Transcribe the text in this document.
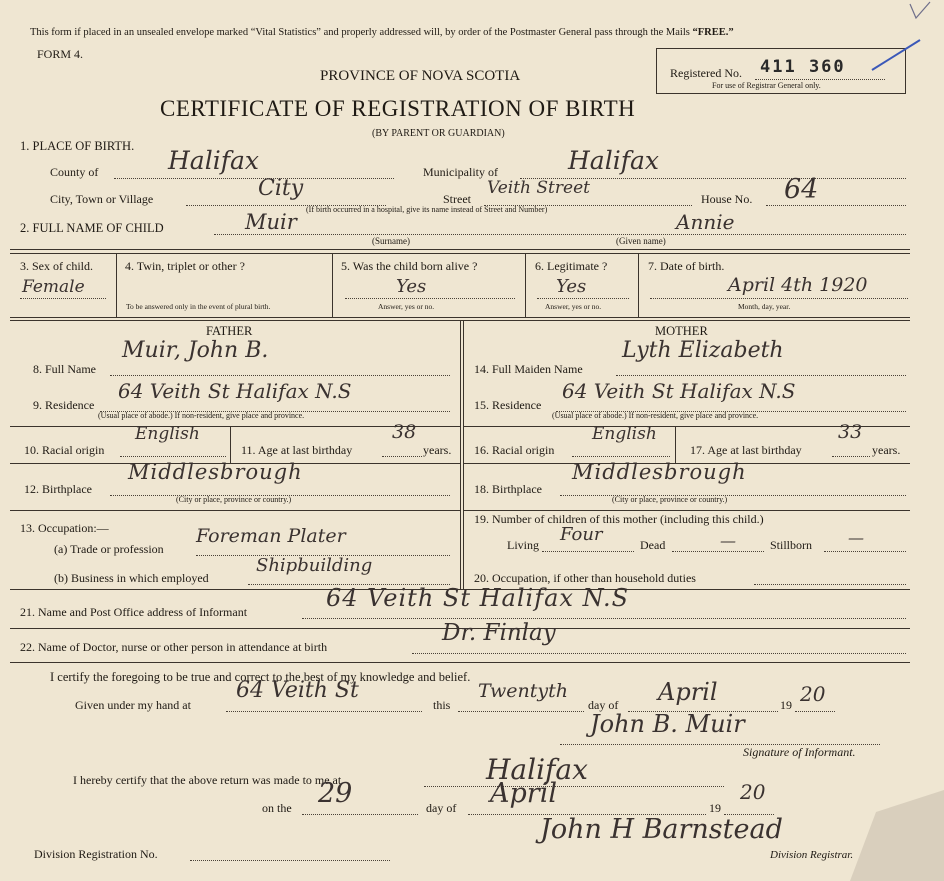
This form if placed in an unsealed envelope marked “Vital Statistics” and properly addressed will, by order of the Postmaster General pass through the Mails “FREE.”
FORM 4.
PROVINCE OF NOVA SCOTIA
CERTIFICATE OF REGISTRATION OF BIRTH
(BY PARENT OR GUARDIAN)
Registered No. 411 360
For use of Registrar General only.
1. PLACE OF BIRTH.
County of	Halifax	Municipality of	Halifax
City, Town or Village	City	Street
Veith Street
House No. 64
(If birth occurred in a hospital, give its name instead of Street and Number)
2. FULL NAME OF CHILD	Muir
(Surname)
Annie
(Given name)
3. Sex of child.
Female
4. Twin, triplet or other ?
To be answered only in the event of plural birth.
5. Was the child born alive ?
Yes
Answer, yes or no.
6. Legitimate ?
Yes
Answer, yes or no.
7. Date of birth.
April 4th 1920
Month, day, year.
FATHER	MOTHER
8. Full Name
Muir, John B.
9. Residence
64 Veith St Halifax N.S
(Usual place of abode.) If non-resident, give place and province.
10. Racial origin
English
11. Age at last birthday
38
years.
12. Birthplace
Middlesbrough
(City or place, province or country.)
13. Occupation:—
(a) Trade or profession
Foreman Plater
(b) Business in which employed
Shipbuilding
14. Full Maiden Name
Lyth Elizabeth
15. Residence
64 Veith St Halifax N.S
(Usual place of abode.) If non-resident, give place and province.
16. Racial origin
English
17. Age at last birthday
33
years.
18. Birthplace
Middlesbrough
(City or place, province or country.)
19. Number of children of this mother (including this child.)
Living Four	Dead	—	Stillborn —
20. Occupation, if other than household duties
21. Name and Post Office address of Informant	64 Veith St Halifax N.S
22. Name of Doctor, nurse or other person in attendance at birth
Dr. Finlay
I certify the foregoing to be true and correct to the best of my knowledge and belief.
Given under my hand at
64 Veith St
this
Twentyth
day of April	19 20
John B. Muir
Signature of Informant.
I hereby certify that the above return was made to me at	Halifax
on the 29	day of April	19
20
John H Barnstead
Division Registration No.	Division Registrar.
